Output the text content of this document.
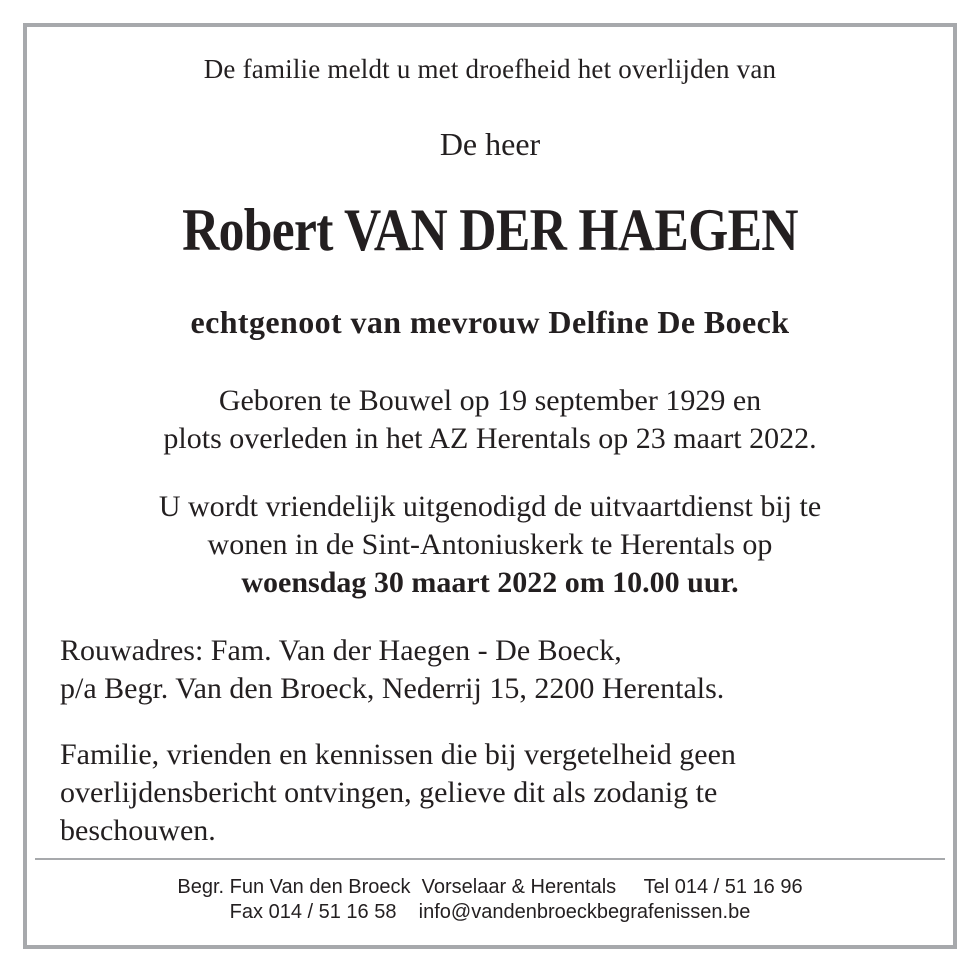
De familie meldt u met droefheid het overlijden van
De heer
Robert VAN DER HAEGEN
echtgenoot van mevrouw Delfine De Boeck
Geboren te Bouwel op 19 september 1929 en
plots overleden in het AZ Herentals op 23 maart 2022.
U wordt vriendelijk uitgenodigd de uitvaartdienst bij te
wonen in de Sint-Antoniuskerk te Herentals op
woensdag 30 maart 2022 om 10.00 uur.
Rouwadres: Fam. Van der Haegen - De Boeck,
p/a Begr. Van den Broeck, Nederrij 15, 2200 Herentals.
Familie, vrienden en kennissen die bij vergetelheid geen
overlijdensbericht ontvingen, gelieve dit als zodanig te
beschouwen.
Begr. Fun Van den Broeck  Vorselaar & Herentals     Tel 014 / 51 16 96
Fax 014 / 51 16 58    info@vandenbroeckbegrafenissen.be
